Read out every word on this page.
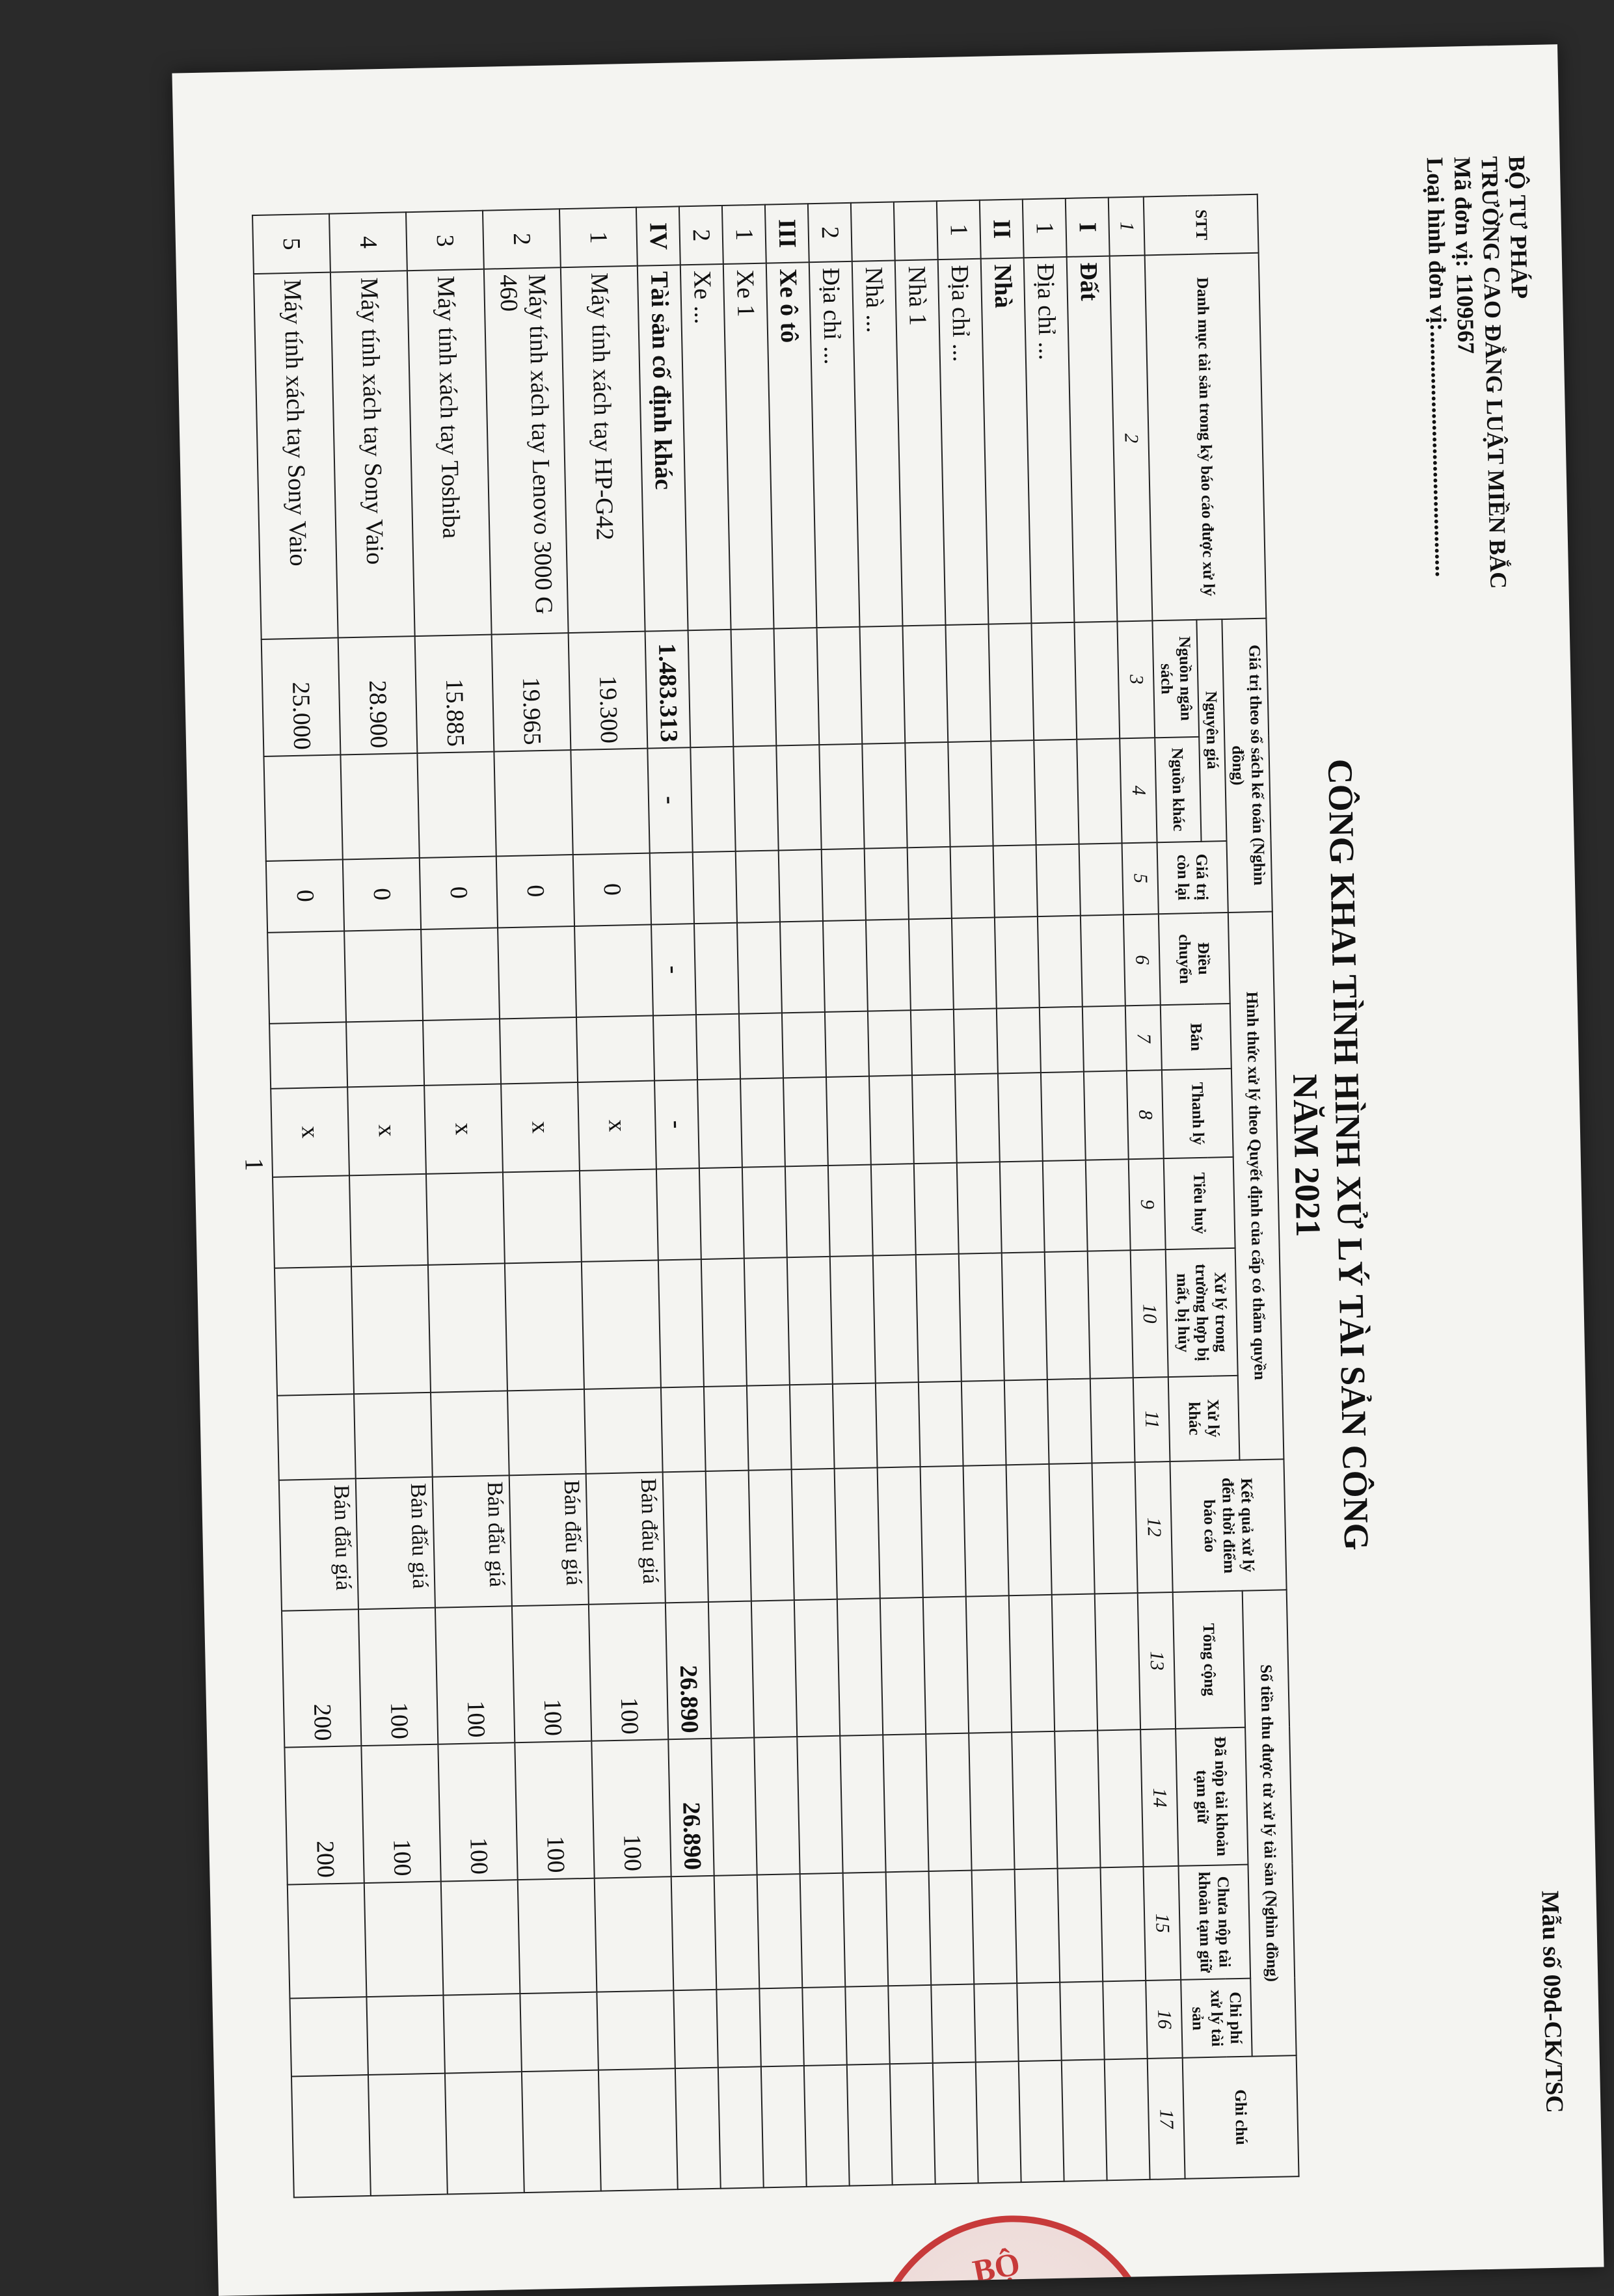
BỘ TƯ PHÁP
TRƯỜNG CAO ĐẲNG LUẬT MIỀN BẮC
Mã đơn vị: 1109567
Loại hình đơn vị:..........................................
Mẫu số 09d-CK/TSC
CÔNG KHAI TÌNH HÌNH XỬ LÝ TÀI SẢN CÔNG
NĂM 2021
STT	Danh mục tài sản trong kỳ báo cáo được xử lý	Giá trị theo sổ sách kế toán (Nghìn đồng)			Hình thức xử lý theo Quyết định của cấp có thẩm quyền						Kết quả xử lý đến thời điểm báo cáo	Số tiền thu được từ xử lý tài sản (Nghìn đồng)				Ghi chú
		Nguyên giá		Giá trị còn lại	Điều chuyển	Bán	Thanh lý	Tiêu huỷ	Xử lý trong trường hợp bị mất, bị hủy	Xử lý khác		Tổng cộng	Đã nộp tài khoản tạm giữ	Chưa nộp tài khoản tạm giữ	Chi phí xử lý tài sản	
		Nguồn ngân sách	Nguồn khác													
1	2	3	4	5	6	7	8	9	10	11	12	13	14	15	16	17
I	Đất															
1	Địa chỉ ...															
II	Nhà															
1	Địa chỉ ...															
	Nhà 1															
	Nhà ...															
2	Địa chỉ ...															
III	Xe ô tô															
1	Xe 1															
2	Xe ...															
IV	Tài sản cố định khác	1.483.313	-		-		-					26.890	26.890			
1	Máy tính xách tay HP-G42	19.300		0			x				Bán đấu giá	100	100			
2	Máy tính xách tay Lenovo 3000 G 460	19.965		0			x				Bán đấu giá	100	100			
3	Máy tính xách tay Toshiba	15.885		0			x				Bán đấu giá	100	100			
4	Máy tính xách tay Sony Vaio	28.900		0			x				Bán đấu giá	100	100			
5	Máy tính xách tay Sony Vaio	25.000		0			x				Bán đấu giá	200	200			
1
BỘ
